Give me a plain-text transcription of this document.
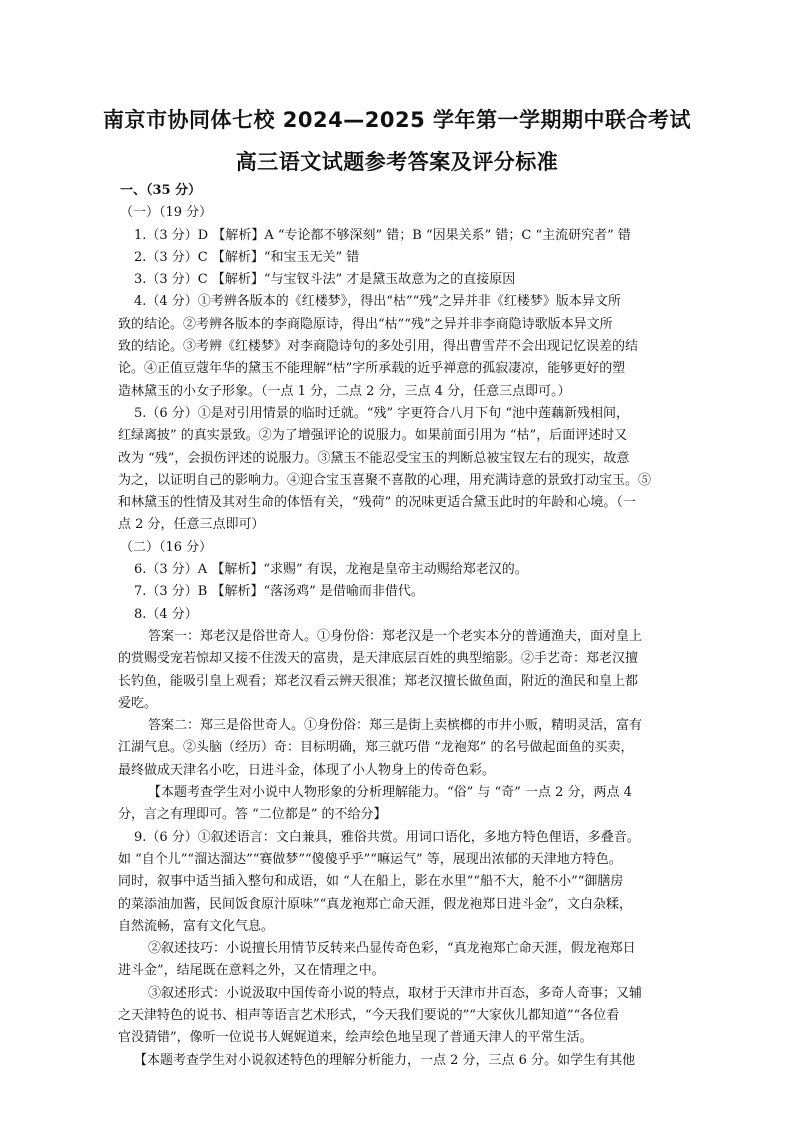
南京市协同体七校 2024—2025 学年第一学期期中联合考试
高三语文试题参考答案及评分标准
一、（35 分）
（一）（19 分）
1.（3 分）D 【解析】A “专论都不够深刻” 错；B “因果关系” 错；C “主流研究者” 错
2.（3 分）C 【解析】“和宝玉无关” 错
3.（3 分）C 【解析】“与宝钗斗法” 才是黛玉故意为之的直接原因
4.（4 分）①考辨各版本的《红楼梦》，得出“枯”“残”之异并非《红楼梦》版本异文所
致的结论。②考辨各版本的李商隐原诗，得出“枯”“残”之异并非李商隐诗歌版本异文所
致的结论。③考辨《红楼梦》对李商隐诗句的多处引用，得出曹雪芹不会出现记忆误差的结
论。④正值豆蔻年华的黛玉不能理解“枯”字所承载的近乎禅意的孤寂凄凉，能够更好的塑
造林黛玉的小女子形象。（一点 1 分，二点 2 分，三点 4 分，任意三点即可。）
5.（6 分）①是对引用情景的临时迁就。“残” 字更符合八月下旬 “池中莲藕新残相间，
红绿离披” 的真实景致。②为了增强评论的说服力。如果前面引用为 “枯”，后面评述时又
改为 “残”，会损伤评述的说服力。③黛玉不能忍受宝玉的判断总被宝钗左右的现实，故意
为之，以证明自己的影响力。④迎合宝玉喜聚不喜散的心理，用充满诗意的景致打动宝玉。⑤
和林黛玉的性情及其对生命的体悟有关，“残荷” 的况味更适合黛玉此时的年龄和心境。（一
点 2 分，任意三点即可）
（二）（16 分）
6.（3 分）A 【解析】“求赐” 有误，龙袍是皇帝主动赐给郑老汉的。
7.（3 分）B 【解析】“落汤鸡” 是借喻而非借代。
8.（4 分）
答案一：郑老汉是俗世奇人。①身份俗：郑老汉是一个老实本分的普通渔夫，面对皇上
的赏赐受宠若惊却又接不住泼天的富贵，是天津底层百姓的典型缩影。②手艺奇：郑老汉擅
长钓鱼，能吸引皇上观看；郑老汉看云辨天很准；郑老汉擅长做鱼面，附近的渔民和皇上都
爱吃。
答案二：郑三是俗世奇人。①身份俗：郑三是街上卖槟榔的市井小贩，精明灵活，富有
江湖气息。②头脑（经历）奇：目标明确，郑三就巧借 “龙袍郑” 的名号做起面鱼的买卖，
最终做成天津名小吃，日进斗金，体现了小人物身上的传奇色彩。
【本题考查学生对小说中人物形象的分析理解能力。“俗” 与 “奇” 一点 2 分，两点 4
分，言之有理即可。答 “二位都是” 的不给分】
9.（6 分）①叙述语言：文白兼具，雅俗共赏。用词口语化，多地方特色俚语，多叠音。
如 “自个儿”“溜达溜达”“赛做梦”“傻傻乎乎”“嘛运气” 等，展现出浓郁的天津地方特色。
同时，叙事中适当插入整句和成语，如 “人在船上，影在水里”“船不大，舱不小”“御膳房
的菜添油加酱，民间饭食原汁原味”“真龙袍郑亡命天涯，假龙袍郑日进斗金”，文白杂糅，
自然流畅，富有文化气息。
②叙述技巧：小说擅长用情节反转来凸显传奇色彩，“真龙袍郑亡命天涯，假龙袍郑日
进斗金”，结尾既在意料之外，又在情理之中。
③叙述形式：小说汲取中国传奇小说的特点，取材于天津市井百态，多奇人奇事；又辅
之天津特色的说书、相声等语言艺术形式，“今天我们要说的”“大家伙儿都知道”“各位看
官没猜错”，像听一位说书人娓娓道来，绘声绘色地呈现了普通天津人的平常生活。
【本题考查学生对小说叙述特色的理解分析能力，一点 2 分，三点 6 分。如学生有其他
